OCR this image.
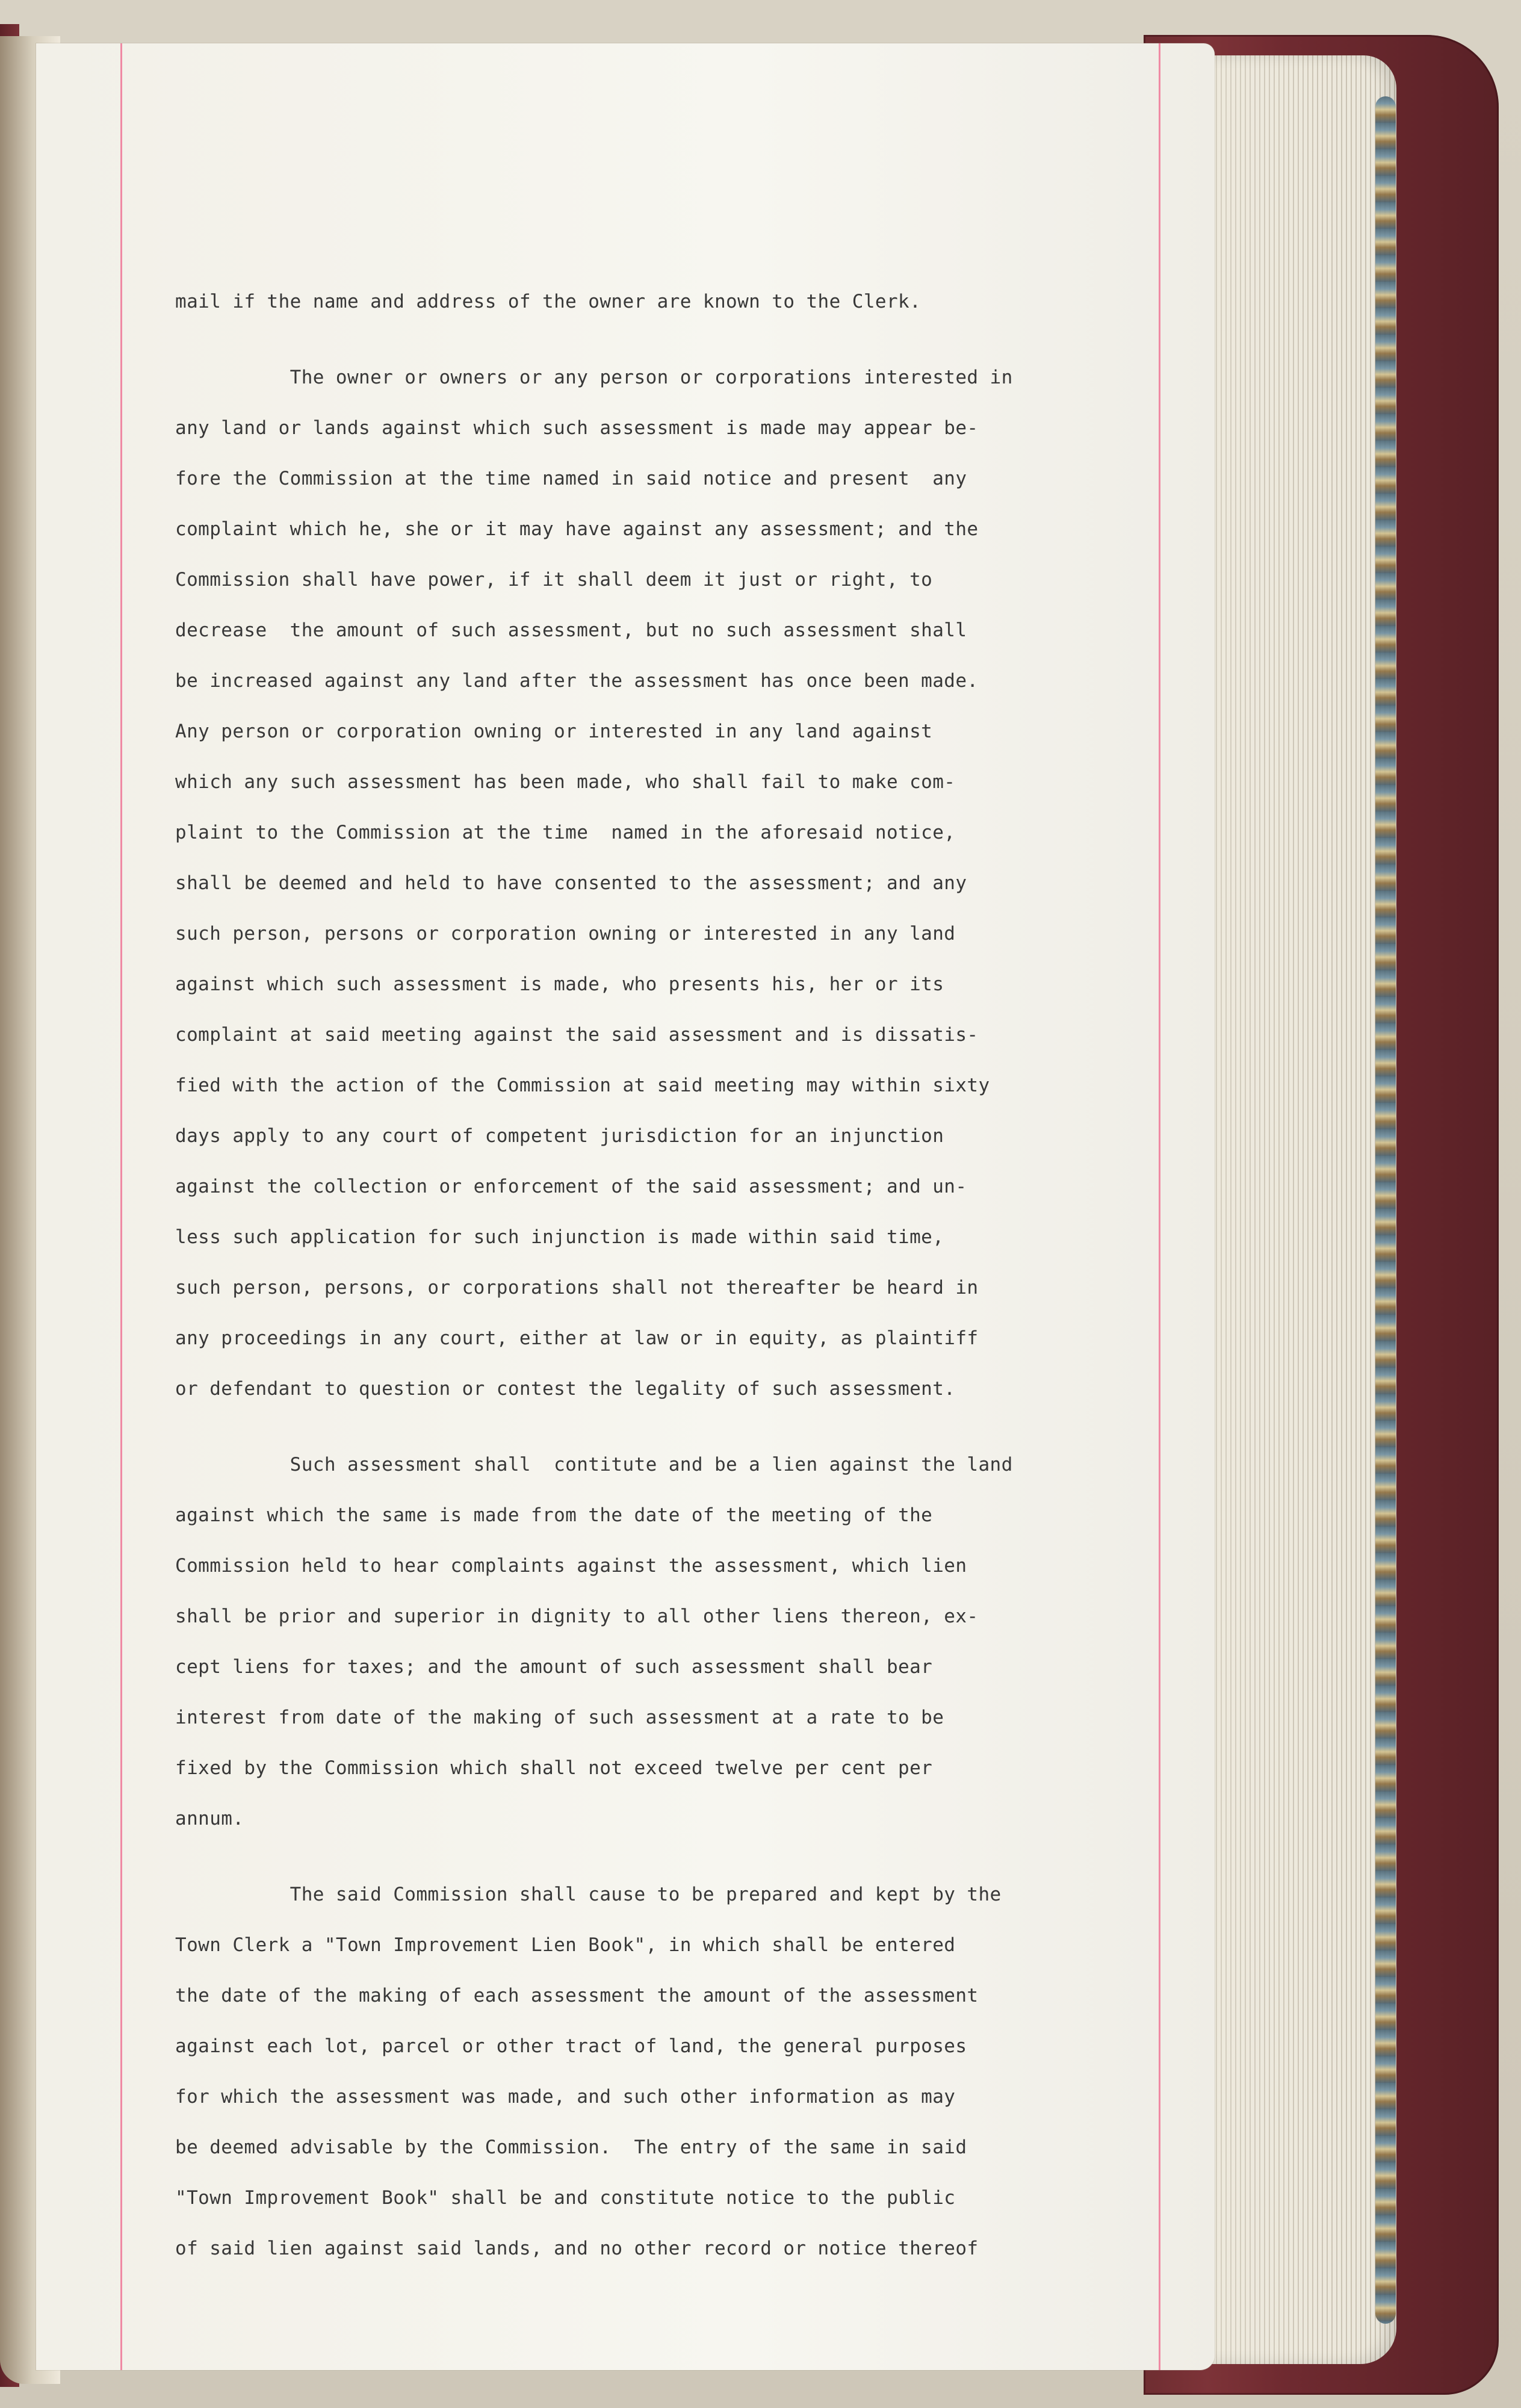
mail if the name and address of the owner are known to the Clerk.
The owner or owners or any person or corporations interested in
any land or lands against which such assessment is made may appear be-
fore the Commission at the time named in said notice and present  any
complaint which he, she or it may have against any assessment; and the
Commission shall have power, if it shall deem it just or right, to
decrease  the amount of such assessment, but no such assessment shall
be increased against any land after the assessment has once been made.
Any person or corporation owning or interested in any land against
which any such assessment has been made, who shall fail to make com-
plaint to the Commission at the time  named in the aforesaid notice,
shall be deemed and held to have consented to the assessment; and any
such person, persons or corporation owning or interested in any land
against which such assessment is made, who presents his, her or its
complaint at said meeting against the said assessment and is dissatis-
fied with the action of the Commission at said meeting may within sixty
days apply to any court of competent jurisdiction for an injunction
against the collection or enforcement of the said assessment; and un-
less such application for such injunction is made within said time,
such person, persons, or corporations shall not thereafter be heard in
any proceedings in any court, either at law or in equity, as plaintiff
or defendant to question or contest the legality of such assessment.
Such assessment shall  contitute and be a lien against the land
against which the same is made from the date of the meeting of the
Commission held to hear complaints against the assessment, which lien
shall be prior and superior in dignity to all other liens thereon, ex-
cept liens for taxes; and the amount of such assessment shall bear
interest from date of the making of such assessment at a rate to be
fixed by the Commission which shall not exceed twelve per cent per
annum.
The said Commission shall cause to be prepared and kept by the
Town Clerk a "Town Improvement Lien Book", in which shall be entered
the date of the making of each assessment the amount of the assessment
against each lot, parcel or other tract of land, the general purposes
for which the assessment was made, and such other information as may
be deemed advisable by the Commission.  The entry of the same in said
"Town Improvement Book" shall be and constitute notice to the public
of said lien against said lands, and no other record or notice thereof
